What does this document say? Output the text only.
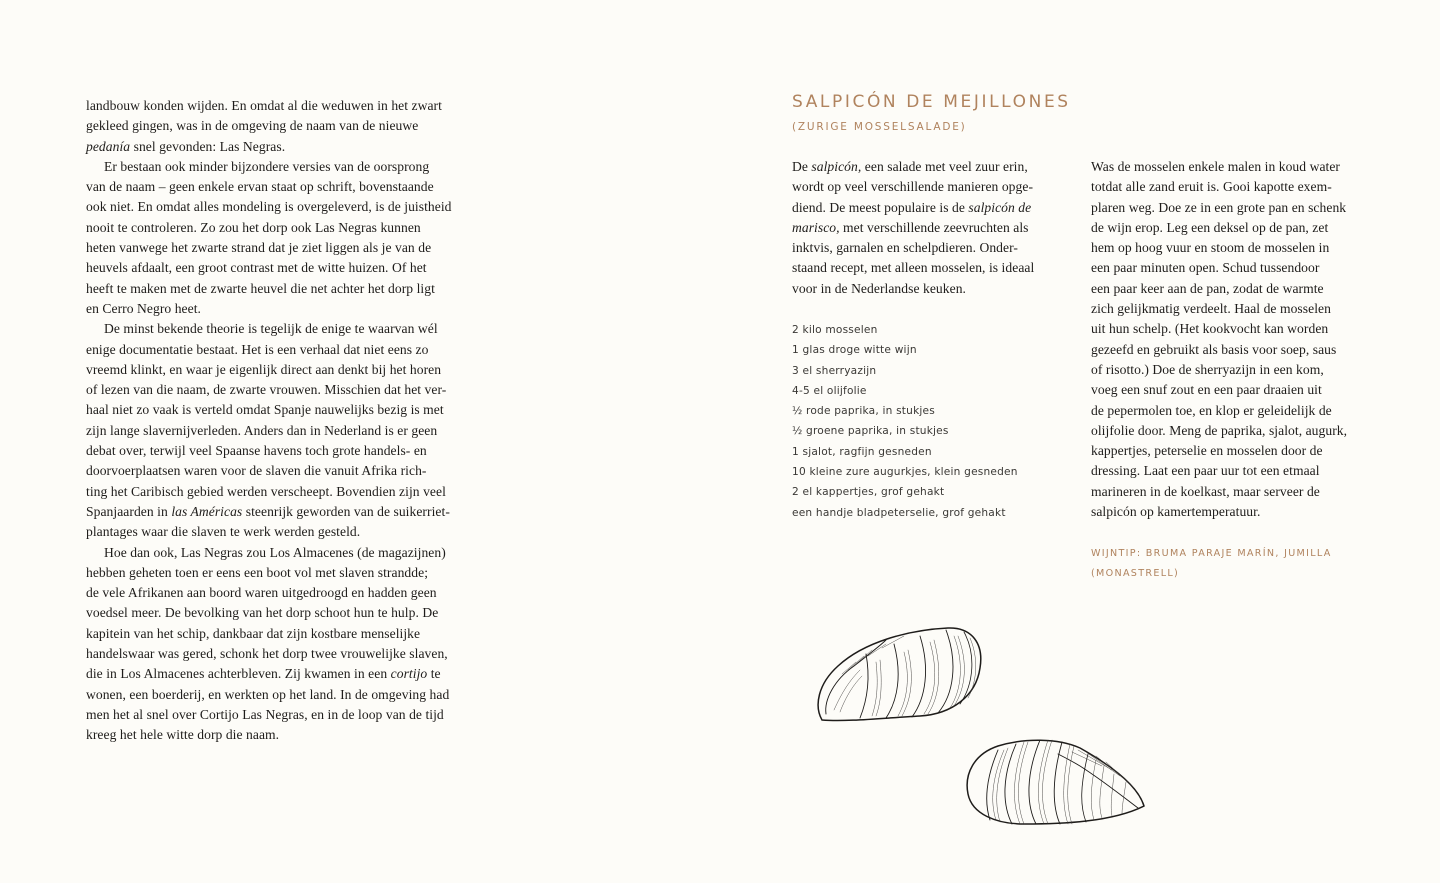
landbouw konden wijden. En omdat al die weduwen in het zwart
gekleed gingen, was in de omgeving de naam van de nieuwe
pedanía snel gevonden: Las Negras.
Er bestaan ook minder bijzondere versies van de oorsprong
van de naam – geen enkele ervan staat op schrift, bovenstaande
ook niet. En omdat alles mondeling is overgeleverd, is de juistheid
nooit te controleren. Zo zou het dorp ook Las Negras kunnen
heten vanwege het zwarte strand dat je ziet liggen als je van de
heuvels afdaalt, een groot contrast met de witte huizen. Of het
heeft te maken met de zwarte heuvel die net achter het dorp ligt
en Cerro Negro heet.
De minst bekende theorie is tegelijk de enige te waarvan wél
enige documentatie bestaat. Het is een verhaal dat niet eens zo
vreemd klinkt, en waar je eigenlijk direct aan denkt bij het horen
of lezen van die naam, de zwarte vrouwen. Misschien dat het ver-
haal niet zo vaak is verteld omdat Spanje nauwelijks bezig is met
zijn lange slavernijverleden. Anders dan in Nederland is er geen
debat over, terwijl veel Spaanse havens toch grote handels- en
doorvoerplaatsen waren voor de slaven die vanuit Afrika rich-
ting het Caribisch gebied werden verscheept. Bovendien zijn veel
Spanjaarden in las Américas steenrijk geworden van de suikerriet-
plantages waar die slaven te werk werden gesteld.
Hoe dan ook, Las Negras zou Los Almacenes (de magazijnen)
hebben geheten toen er eens een boot vol met slaven strandde;
de vele Afrikanen aan boord waren uitgedroogd en hadden geen
voedsel meer. De bevolking van het dorp schoot hun te hulp. De
kapitein van het schip, dankbaar dat zijn kostbare menselijke
handelswaar was gered, schonk het dorp twee vrouwelijke slaven,
die in Los Almacenes achterbleven. Zij kwamen in een cortijo te
wonen, een boerderij, en werkten op het land. In de omgeving had
men het al snel over Cortijo Las Negras, en in de loop van de tijd
kreeg het hele witte dorp die naam.
SALPICÓN DE MEJILLONES
(ZURIGE MOSSELSALADE)
De salpicón, een salade met veel zuur erin,
wordt op veel verschillende manieren opge-
diend. De meest populaire is de salpicón de
marisco, met verschillende zeevruchten als
inktvis, garnalen en schelpdieren. Onder-
staand recept, met alleen mosselen, is ideaal
voor in de Nederlandse keuken.
2 kilo mosselen
1 glas droge witte wijn
3 el sherryazijn
4-5 el olijfolie
½ rode paprika, in stukjes
½ groene paprika, in stukjes
1 sjalot, ragfijn gesneden
10 kleine zure augurkjes, klein gesneden
2 el kappertjes, grof gehakt
een handje bladpeterselie, grof gehakt
Was de mosselen enkele malen in koud water
totdat alle zand eruit is. Gooi kapotte exem-
plaren weg. Doe ze in een grote pan en schenk
de wijn erop. Leg een deksel op de pan, zet
hem op hoog vuur en stoom de mosselen in
een paar minuten open. Schud tussendoor
een paar keer aan de pan, zodat de warmte
zich gelijkmatig verdeelt. Haal de mosselen
uit hun schelp. (Het kookvocht kan worden
gezeefd en gebruikt als basis voor soep, saus
of risotto.) Doe de sherryazijn in een kom,
voeg een snuf zout en een paar draaien uit
de pepermolen toe, en klop er geleidelijk de
olijfolie door. Meng de paprika, sjalot, augurk,
kappertjes, peterselie en mosselen door de
dressing. Laat een paar uur tot een etmaal
marineren in de koelkast, maar serveer de
salpicón op kamertemperatuur.
WIJNTIP: BRUMA PARAJE MARÍN, JUMILLA
(MONASTRELL)
